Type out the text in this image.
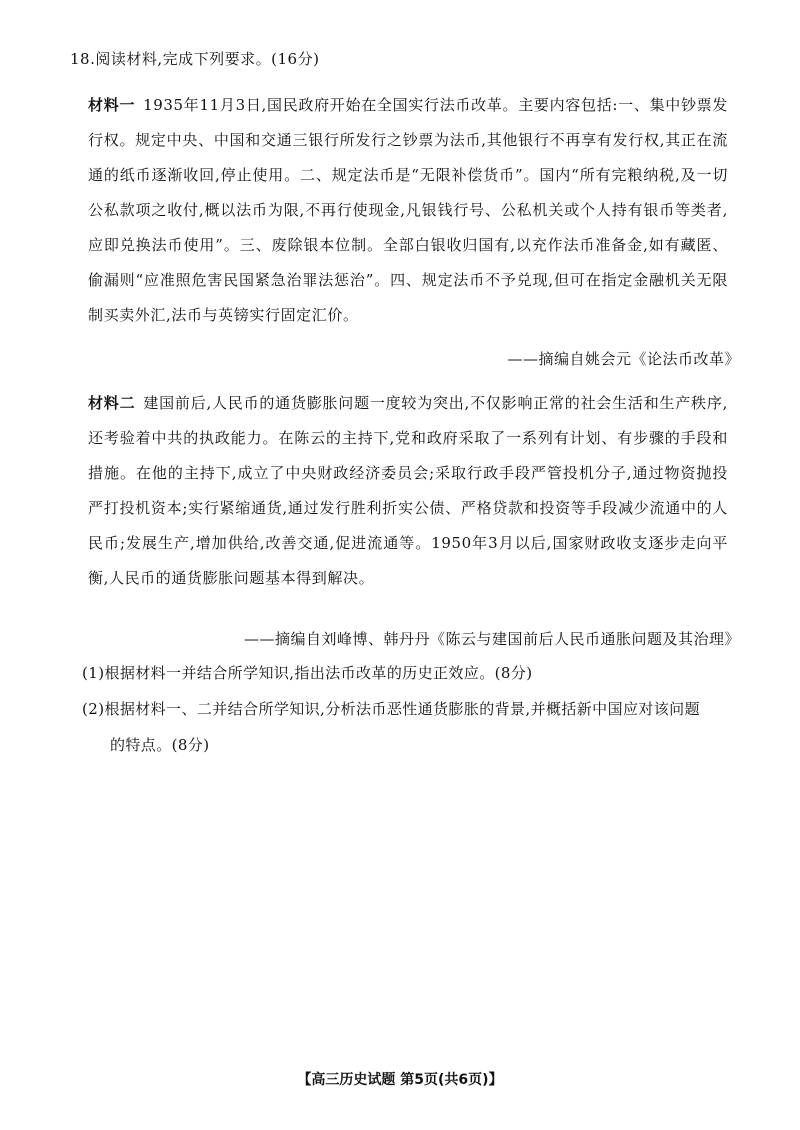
18.阅读材料,完成下列要求。(16分)
材料一 1935年11月3日,国民政府开始在全国实行法币改革。主要内容包括:一、集中钞票发行权。规定中央、中国和交通三银行所发行之钞票为法币,其他银行不再享有发行权,其正在流通的纸币逐渐收回,停止使用。二、规定法币是“无限补偿货币”。国内“所有完粮纳税,及一切公私款项之收付,概以法币为限,不再行使现金,凡银钱行号、公私机关或个人持有银币等类者,应即兑换法币使用”。三、废除银本位制。全部白银收归国有,以充作法币准备金,如有藏匿、偷漏则“应准照危害民国紧急治罪法惩治”。四、规定法币不予兑现,但可在指定金融机关无限制买卖外汇,法币与英镑实行固定汇价。
——摘编自姚会元《论法币改革》
材料二 建国前后,人民币的通货膨胀问题一度较为突出,不仅影响正常的社会生活和生产秩序,还考验着中共的执政能力。在陈云的主持下,党和政府采取了一系列有计划、有步骤的手段和措施。在他的主持下,成立了中央财政经济委员会;采取行政手段严管投机分子,通过物资抛投严打投机资本;实行紧缩通货,通过发行胜利折实公债、严格贷款和投资等手段减少流通中的人民币;发展生产,增加供给,改善交通,促进流通等。1950年3月以后,国家财政收支逐步走向平衡,人民币的通货膨胀问题基本得到解决。
——摘编自刘峰博、韩丹丹《陈云与建国前后人民币通胀问题及其治理》
(1)根据材料一并结合所学知识,指出法币改革的历史正效应。(8分)
(2)根据材料一、二并结合所学知识,分析法币恶性通货膨胀的背景,并概括新中国应对该问题
的特点。(8分)
【高三历史试题 第5页(共6页)】
